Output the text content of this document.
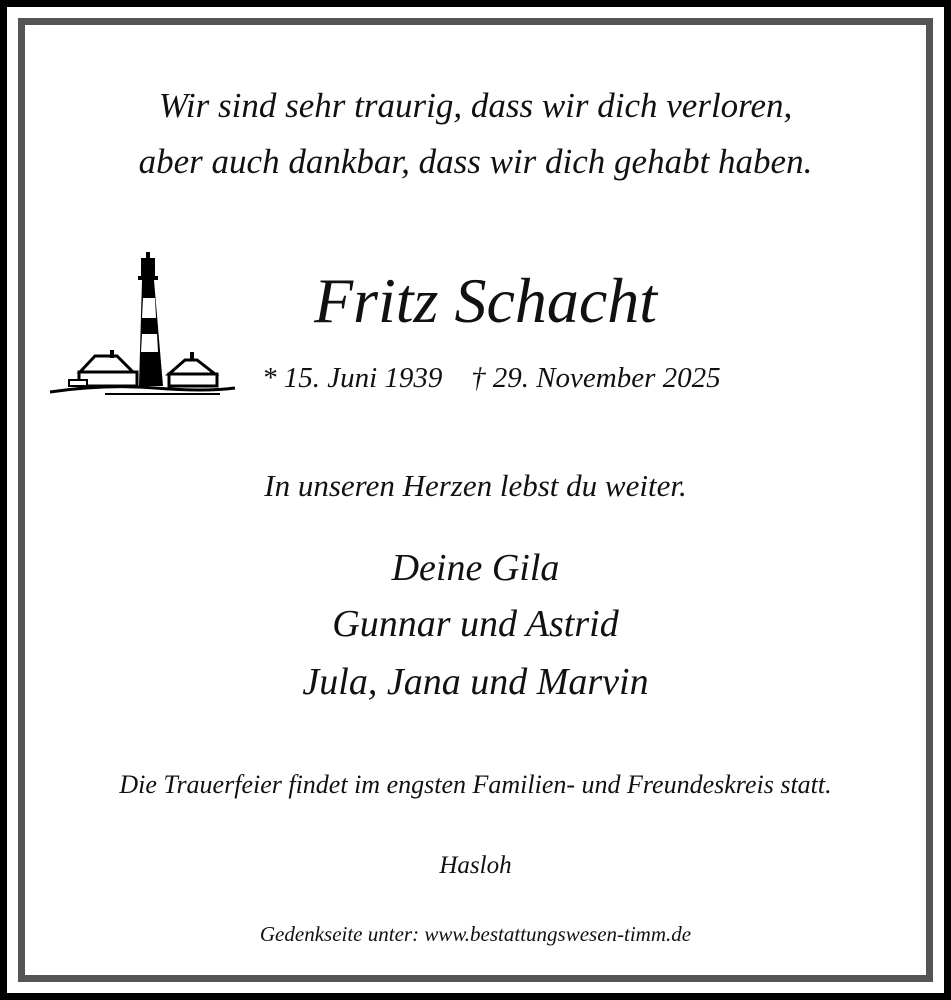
Wir sind sehr traurig, dass wir dich verloren,
aber auch dankbar, dass wir dich gehabt haben.
Fritz Schacht
* 15. Juni 1939 † 29. November 2025
In unseren Herzen lebst du weiter.
Deine Gila
Gunnar und Astrid
Jula, Jana und Marvin
Die Trauerfeier findet im engsten Familien- und Freundeskreis statt.
Hasloh
Gedenkseite unter: www.bestattungswesen-timm.de
